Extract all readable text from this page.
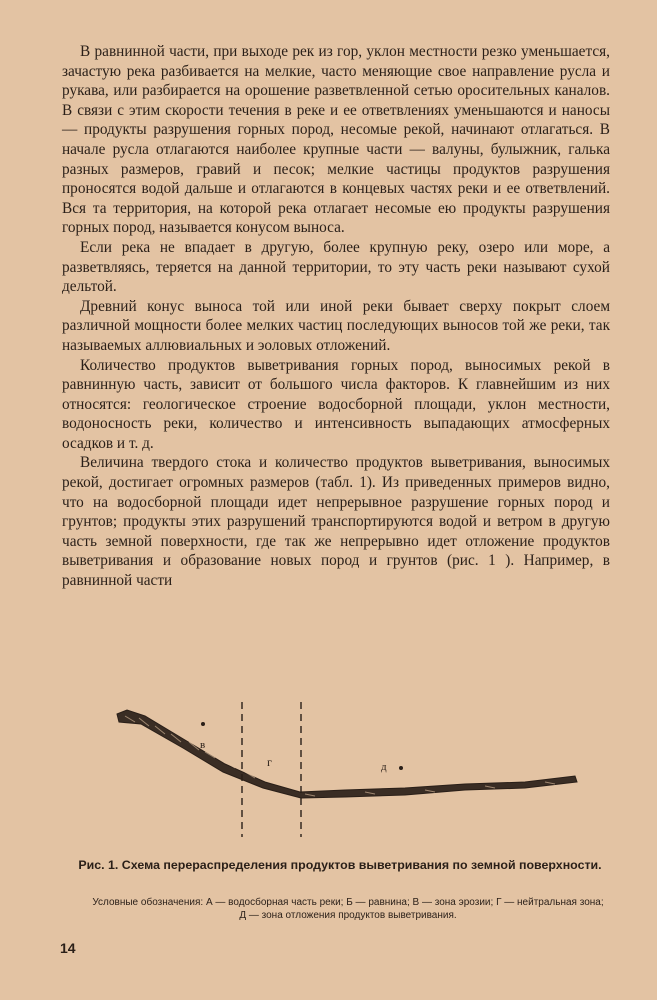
В равнинной части, при выходе рек из гор, уклон местности резко уменьшается, зачастую река разбивается на мелкие, часто меняющие свое направление русла и рукава, или разбирается на орошение разветвленной сетью оросительных каналов. В связи с этим скорости течения в реке и ее ответвлениях уменьшаются и наносы — продукты разрушения горных пород, несомые рекой, начинают отлагаться. В начале русла отлагаются наиболее крупные части — валуны, булыжник, галька разных размеров, гравий и песок; мелкие частицы продуктов разрушения проносятся водой дальше и отлагаются в концевых частях реки и ее ответвлений. Вся та территория, на которой река отлагает несомые ею продукты разрушения горных пород, называется конусом выноса.

Если река не впадает в другую, более крупную реку, озеро или море, а разветвляясь, теряется на данной территории, то эту часть реки называют сухой дельтой.

Древний конус выноса той или иной реки бывает сверху покрыт слоем различной мощности более мелких частиц последующих выносов той же реки, так называемых аллювиальных и эоловых отложений.

Количество продуктов выветривания горных пород, выносимых рекой в равнинную часть, зависит от большого числа факторов. К главнейшим из них относятся: геологическое строение водосборной площади, уклон местности, водоносность реки, количество и интенсивность выпадающих атмосферных осадков и т. д.

Величина твердого стока и количество продуктов выветривания, выносимых рекой, достигает огромных размеров (табл. 1). Из приведенных примеров видно, что на водосборной площади идет непрерывное разрушение горных пород и грунтов; продукты этих разрушений транспортируются водой и ветром в другую часть земной поверхности, где так же непрерывно идет отложение продуктов выветривания и образование новых пород и грунтов (рис. 1 ). Например, в равнинной части

в
г	д

Рис. 1. Схема перераспределения продуктов выветривания по земной поверхности.

Условные обозначения: А — водосборная часть реки; Б — равнина; В — зона эрозии; Г — нейтральная зона; Д — зона отложения продуктов выветривания.

14
